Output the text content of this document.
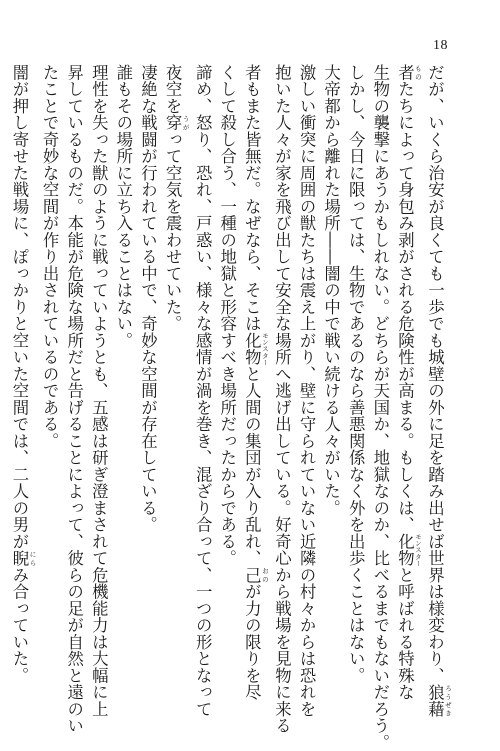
18
だが、いくら治安が良くても一歩でも城壁の外に足を踏み出せば世界は様変わり、狼藉 ろうぜき
者 ものたちによって身包み剥がされる危険性が高まる。もしくは、化物 モンスターと呼ばれる特殊な
生物の襲撃にあうかもしれない。どちらが天国か、地獄なのか、比べるまでもないだろう。
しかし、今日に限っては、生物であるのなら善悪関係なく外を出歩くことはない。
大帝都から離れた場所――闇の中で戦い続ける人々がいた。
激しい衝突に周囲の獣たちは震え上がり、壁に守られていない近隣の村々からは恐れを
抱いた人々が家を飛び出して安全な場所へ逃げ出している。好奇心から戦場を見物に来る
者もまた皆無だ。なぜなら、そこは化物 モンスターと人間の集団が入り乱れ、己 おのが力の限りを尽
くして殺し合う、一種の地獄と形容すべき場所だったからである。
諦め、怒り、恐れ、戸惑い、様々な感情が渦を巻き、混ざり合って、一つの形となって
夜空を穿 うがって空気を震わせていた。
凄絶な戦闘が行われている中で、奇妙な空間が存在している。
誰もその場所に立ち入ることはない。
理性を失った獣のように戦っていようとも、五感は研ぎ澄まされて危機能力は大幅に上
昇しているものだ。本能が危険な場所だと告げることによって、彼らの足が自然と遠のい
たことで奇妙な空間が作り出されているのである。
闇が押し寄せた戦場に、ぽっかりと空いた空間では、二人の男が睨 にらみ合っていた。
